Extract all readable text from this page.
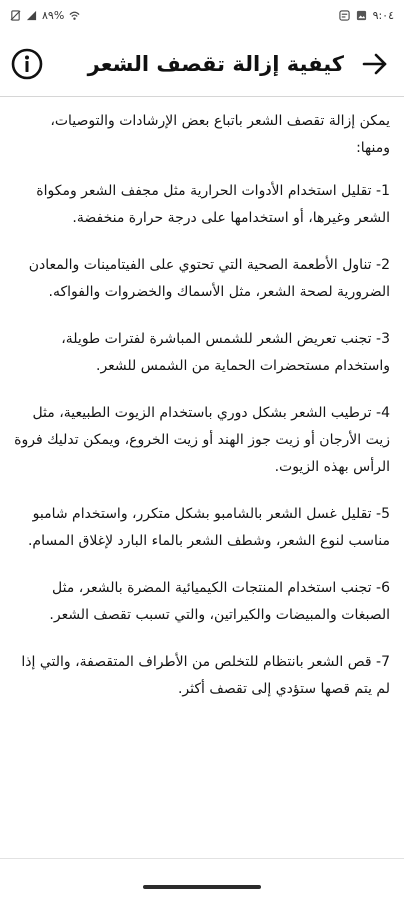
٨٩%	٩:٠٤
كيفية إزالة تقصف الشعر

يمكن إزالة تقصف الشعر باتباع بعض الإرشادات والتوصيات، ومنها:

1- تقليل استخدام الأدوات الحرارية مثل مجفف الشعر ومكواة الشعر وغيرها، أو استخدامها على درجة حرارة منخفضة.

2- تناول الأطعمة الصحية التي تحتوي على الفيتامينات والمعادن الضرورية لصحة الشعر، مثل الأسماك والخضروات والفواكه.

3- تجنب تعريض الشعر للشمس المباشرة لفترات طويلة، واستخدام مستحضرات الحماية من الشمس للشعر.

4- ترطيب الشعر بشكل دوري باستخدام الزيوت الطبيعية، مثل زيت الأرجان أو زيت جوز الهند أو زيت الخروع، ويمكن تدليك فروة الرأس بهذه الزيوت.

5- تقليل غسل الشعر بالشامبو بشكل متكرر، واستخدام شامبو مناسب لنوع الشعر، وشطف الشعر بالماء البارد لإغلاق المسام.

6- تجنب استخدام المنتجات الكيميائية المضرة بالشعر، مثل الصبغات والمبيضات والكيراتين، والتي تسبب تقصف الشعر.

7- قص الشعر بانتظام للتخلص من الأطراف المتقصفة، والتي إذا لم يتم قصها ستؤدي إلى تقصف أكثر.
